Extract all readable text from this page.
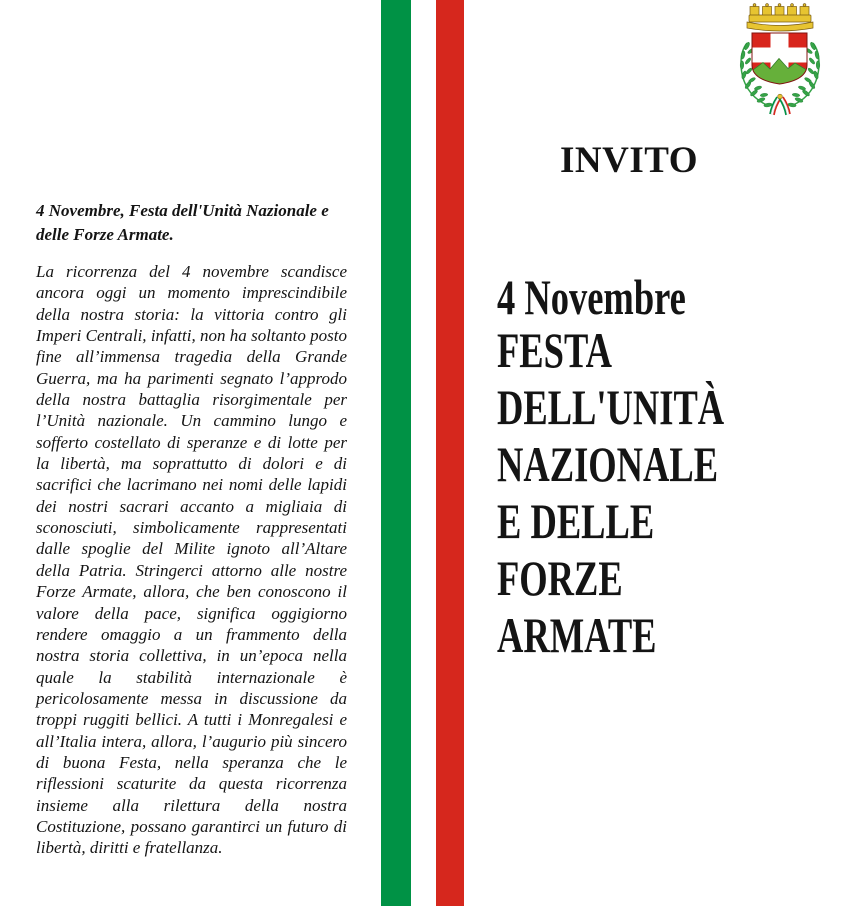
4 Novembre, Festa dell'Unità Nazionale e delle Forze Armate.
La ricorrenza del 4 novembre scandisce ancora oggi un momento imprescindibile della nostra storia: la vittoria contro gli Imperi Centrali, infatti, non ha soltanto posto fine all’immensa tragedia della Grande Guerra, ma ha parimenti segnato l’approdo della nostra battaglia risorgimentale per l’Unità nazionale. Un cammino lungo e sofferto costellato di speranze e di lotte per la libertà, ma soprattutto di dolori e di sacrifici che lacrimano nei nomi delle lapidi dei nostri sacrari accanto a migliaia di sconosciuti, simbolicamente rappresentati dalle spoglie del Milite ignoto all’Altare della Patria. Stringerci attorno alle nostre Forze Armate, allora, che ben conoscono il valore della pace, significa oggigiorno rendere omaggio a un frammento della nostra storia collettiva, in un’epoca nella quale la stabilità internazionale è pericolosamente messa in discussione da troppi ruggiti bellici. A tutti i Monregalesi e all’Italia intera, allora, l’augurio più sincero di buona Festa, nella speranza che le riflessioni scaturite da questa ricorrenza insieme alla rilettura della nostra Costituzione, possano garantirci un futuro di libertà, diritti e fratellanza.
INVITO
4 Novembre
FESTA
DELL'UNITÀ
NAZIONALE
E DELLE
FORZE
ARMATE
